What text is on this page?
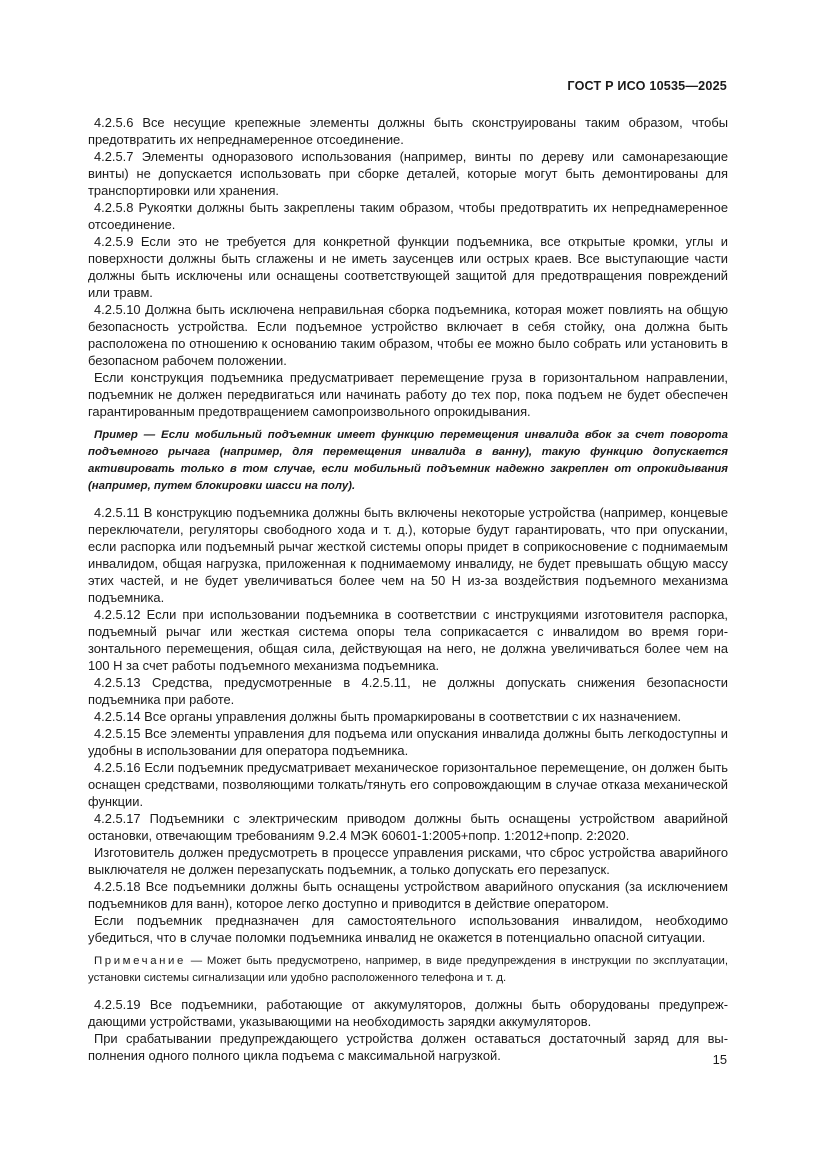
ГОСТ Р ИСО 10535—2025

4.2.5.6 Все несущие крепежные элементы должны быть сконструированы таким образом, чтобы предотвратить их непреднамеренное отсоединение.

4.2.5.7 Элементы одноразового использования (например, винты по дереву или самонарезающие винты) не допускается использовать при сборке деталей, которые могут быть демонтированы для транспортировки или хранения.

4.2.5.8 Рукоятки должны быть закреплены таким образом, чтобы предотвратить их непреднамеренное отсоединение.

4.2.5.9 Если это не требуется для конкретной функции подъемника, все открытые кромки, углы и поверхности должны быть сглажены и не иметь заусенцев или острых краев. Все выступающие части должны быть исключены или оснащены соответствующей защитой для предотвращения повреждений или травм.

4.2.5.10 Должна быть исключена неправильная сборка подъемника, которая может повлиять на общую безопасность устройства. Если подъемное устройство включает в себя стойку, она должна быть расположена по отношению к основанию таким образом, чтобы ее можно было собрать или установить в безопасном рабочем положении.

Если конструкция подъемника предусматривает перемещение груза в горизонтальном направлении, подъемник не должен передвигаться или начинать работу до тех пор, пока подъем не будет обеспечен гарантированным предотвращением самопроизвольного опрокидывания.

Пример — Если мобильный подъемник имеет функцию перемещения инвалида вбок за счет поворота подъемного рычага (например, для перемещения инвалида в ванну), такую функцию допускается активировать только в том случае, если мобильный подъемник надежно закреплен от опрокидывания (например, путем блокировки шасси на полу).

4.2.5.11 В конструкцию подъемника должны быть включены некоторые устройства (например, концевые переключатели, регуляторы свободного хода и т. д.), которые будут гарантировать, что при опускании, если распорка или подъемный рычаг жесткой системы опоры придет в соприкосновение с поднимаемым инвалидом, общая нагрузка, приложенная к поднимаемому инвалиду, не будет превышать общую массу этих частей, и не будет увеличиваться более чем на 50 Н из-за воздействия подъемного механизма подъемника.

4.2.5.12 Если при использовании подъемника в соответствии с инструкциями изготовителя распорка, подъемный рычаг или жесткая система опоры тела соприкасается с инвалидом во время горизонтального перемещения, общая сила, действующая на него, не должна увеличиваться более чем на 100 Н за счет работы подъемного механизма подъемника.

4.2.5.13 Средства, предусмотренные в 4.2.5.11, не должны допускать снижения безопасности подъемника при работе.

4.2.5.14 Все органы управления должны быть промаркированы в соответствии с их назначением.

4.2.5.15 Все элементы управления для подъема или опускания инвалида должны быть легкодоступны и удобны в использовании для оператора подъемника.

4.2.5.16 Если подъемник предусматривает механическое горизонтальное перемещение, он должен быть оснащен средствами, позволяющими толкать/тянуть его сопровождающим в случае отказа механической функции.

4.2.5.17 Подъемники с электрическим приводом должны быть оснащены устройством аварийной остановки, отвечающим требованиям 9.2.4 МЭК 60601-1:2005+попр. 1:2012+попр. 2:2020.

Изготовитель должен предусмотреть в процессе управления рисками, что сброс устройства аварийного выключателя не должен перезапускать подъемник, а только допускать его перезапуск.

4.2.5.18 Все подъемники должны быть оснащены устройством аварийного опускания (за исключением подъемников для ванн), которое легко доступно и приводится в действие оператором.

Если подъемник предназначен для самостоятельного использования инвалидом, необходимо убедиться, что в случае поломки подъемника инвалид не окажется в потенциально опасной ситуации.

Примечание — Может быть предусмотрено, например, в виде предупреждения в инструкции по эксплуатации, установки системы сигнализации или удобно расположенного телефона и т. д.

4.2.5.19 Все подъемники, работающие от аккумуляторов, должны быть оборудованы предупреждающими устройствами, указывающими на необходимость зарядки аккумуляторов.

При срабатывании предупреждающего устройства должен оставаться достаточный заряд для выполнения одного полного цикла подъема с максимальной нагрузкой.	15
